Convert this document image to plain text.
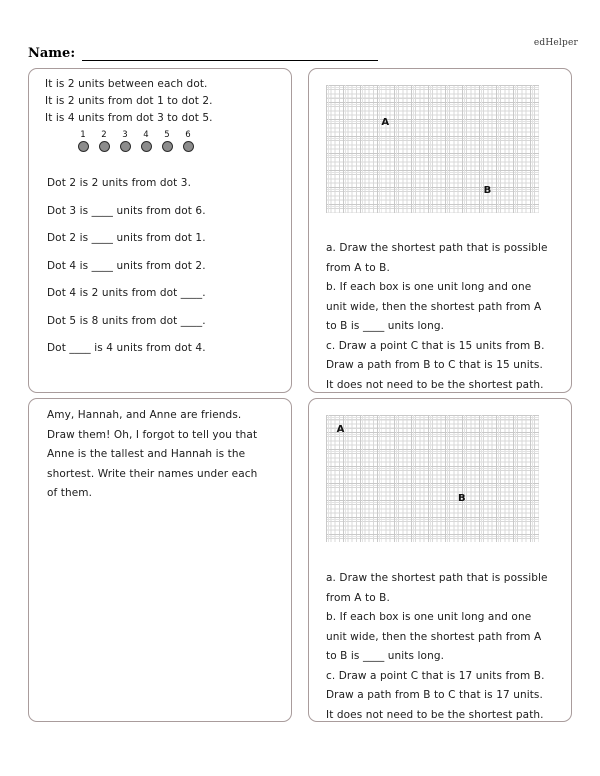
edHelper
Name:
It is 2 units between each dot.
It is 2 units from dot 1 to dot 2.
It is 4 units from dot 3 to dot 5.
1 2 3 4 5 6
Dot 2 is 2 units from dot 3.
Dot 3 is ____ units from dot 6.
Dot 2 is ____ units from dot 1.
Dot 4 is ____ units from dot 2.
Dot 4 is 2 units from dot ____.
Dot 5 is 8 units from dot ____.
Dot ____ is 4 units from dot 4.
A
B
a. Draw the shortest path that is possible
from A to B.
b. If each box is one unit long and one
unit wide, then the shortest path from A
to B is ____ units long.
c. Draw a point C that is 15 units from B.
Draw a path from B to C that is 15 units.
It does not need to be the shortest path.
Amy, Hannah, and Anne are friends.
Draw them! Oh, I forgot to tell you that
Anne is the tallest and Hannah is the
shortest. Write their names under each
of them.
A
B
a. Draw the shortest path that is possible
from A to B.
b. If each box is one unit long and one
unit wide, then the shortest path from A
to B is ____ units long.
c. Draw a point C that is 17 units from B.
Draw a path from B to C that is 17 units.
It does not need to be the shortest path.
